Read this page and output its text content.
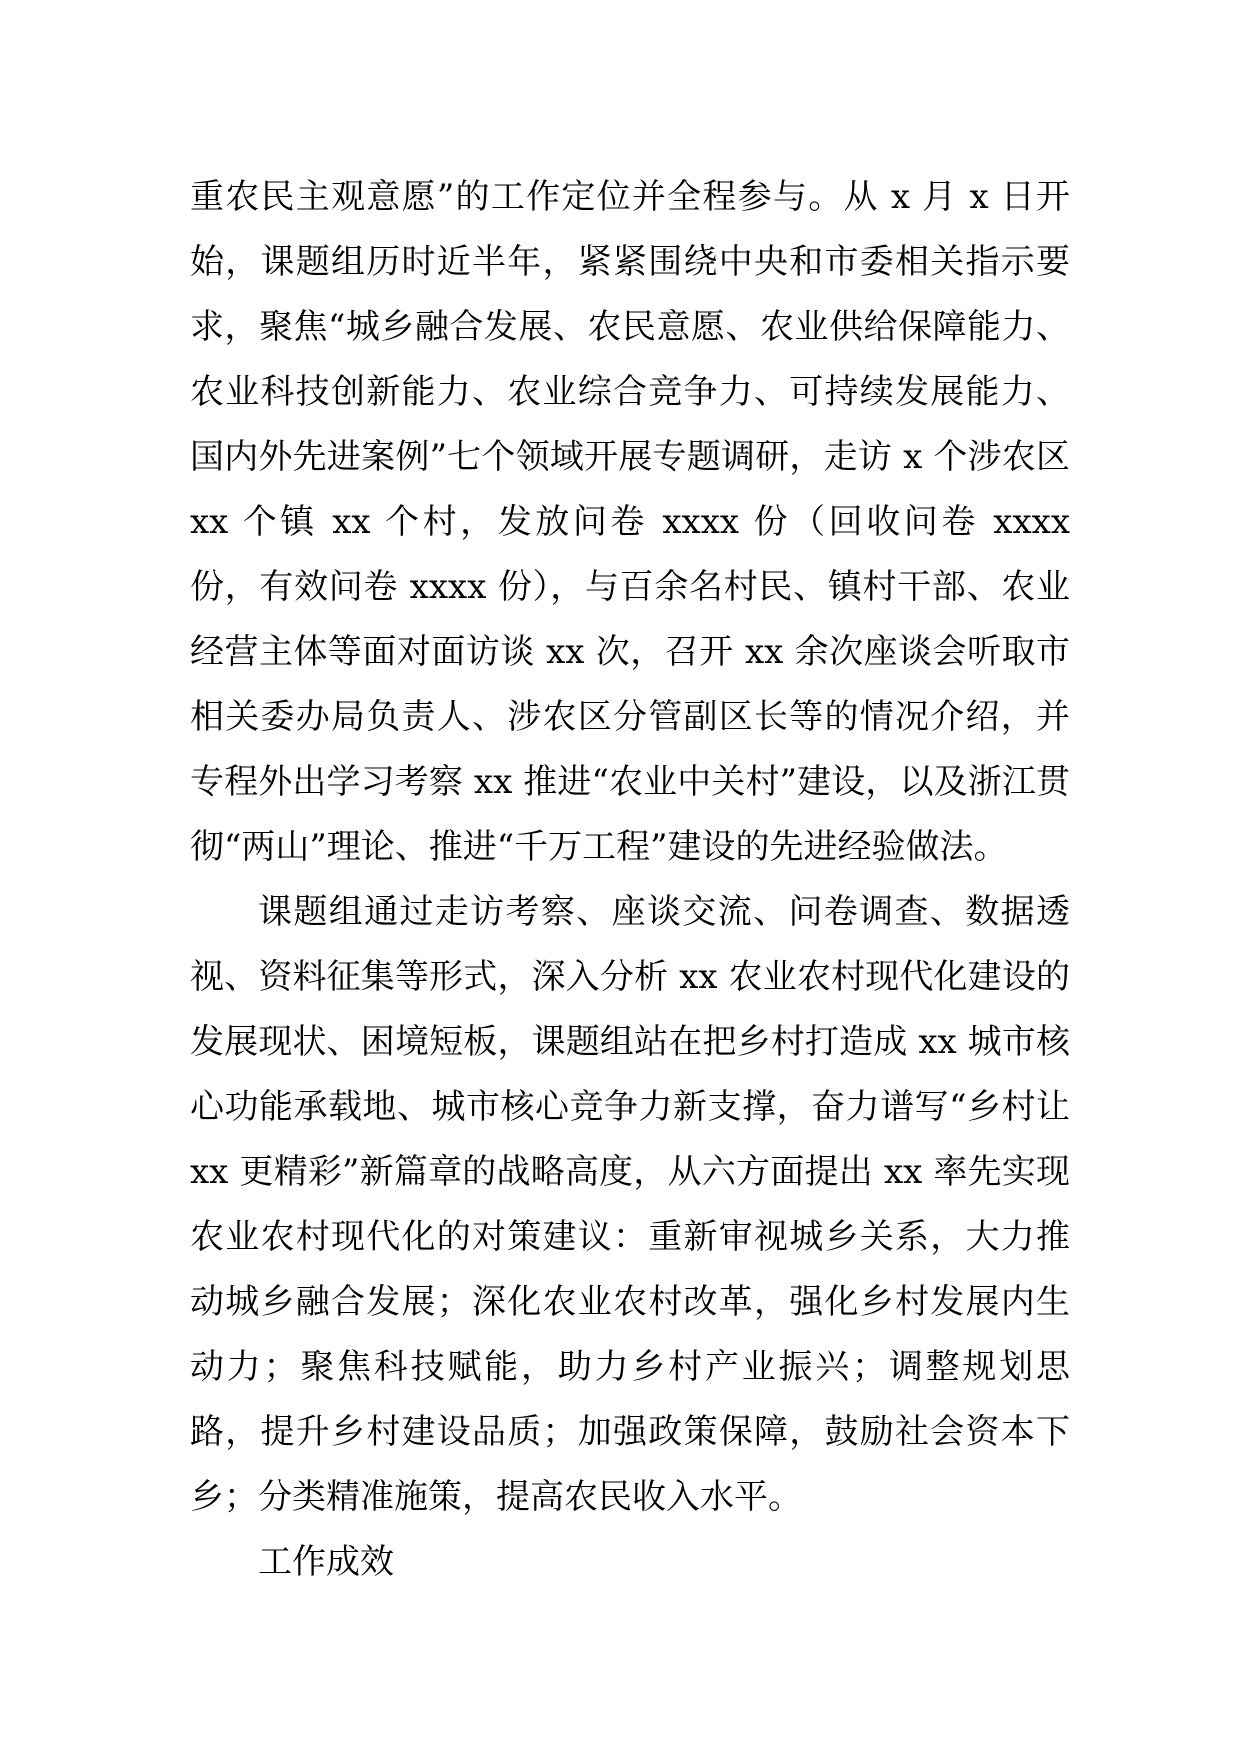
重农民主观意愿”的工作定位并全程参与。从 x 月 x 日开始，课题组历时近半年，紧紧围绕中央和市委相关指示要求，聚焦“城乡融合发展、农民意愿、农业供给保障能力、农业科技创新能力、农业综合竞争力、可持续发展能力、国内外先进案例”七个领域开展专题调研，走访 x 个涉农区 xx 个镇 xx 个村，发放问卷 xxxx 份（回收问卷 xxxx 份，有效问卷 xxxx 份），与百余名村民、镇村干部、农业经营主体等面对面访谈 xx 次，召开 xx 余次座谈会听取市相关委办局负责人、涉农区分管副区长等的情况介绍，并专程外出学习考察 xx 推进“农业中关村”建设，以及浙江贯彻“两山”理论、推进“千万工程”建设的先进经验做法。

课题组通过走访考察、座谈交流、问卷调查、数据透视、资料征集等形式，深入分析 xx 农业农村现代化建设的发展现状、困境短板，课题组站在把乡村打造成 xx 城市核心功能承载地、城市核心竞争力新支撑，奋力谱写“乡村让 xx 更精彩”新篇章的战略高度，从六方面提出 xx 率先实现农业农村现代化的对策建议：重新审视城乡关系，大力推动城乡融合发展；深化农业农村改革，强化乡村发展内生动力；聚焦科技赋能，助力乡村产业振兴；调整规划思路，提升乡村建设品质；加强政策保障，鼓励社会资本下乡；分类精准施策，提高农民收入水平。

工作成效
